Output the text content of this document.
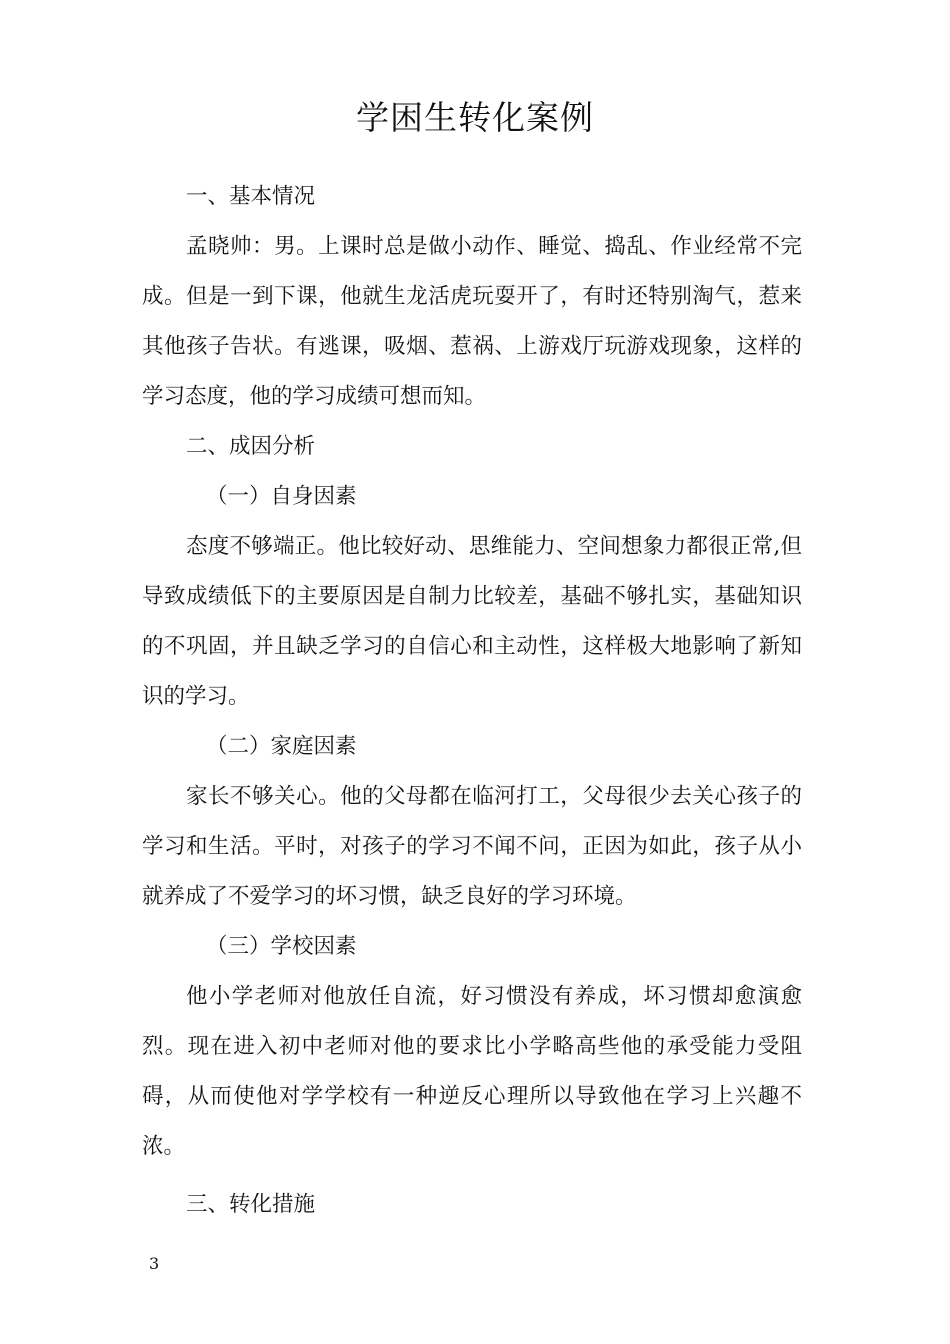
学困生转化案例

一、基本情况

孟晓帅：男。上课时总是做小动作、睡觉、捣乱、作业经常不完成。但是一到下课，他就生龙活虎玩耍开了，有时还特别淘气，惹来其他孩子告状。有逃课，吸烟、惹祸、上游戏厅玩游戏现象，这样的学习态度，他的学习成绩可想而知。

二、成因分析

（一）自身因素

态度不够端正。他比较好动、思维能力、空间想象力都很正常,但导致成绩低下的主要原因是自制力比较差，基础不够扎实，基础知识的不巩固，并且缺乏学习的自信心和主动性，这样极大地影响了新知识的学习。

（二）家庭因素

家长不够关心。他的父母都在临河打工，父母很少去关心孩子的学习和生活。平时，对孩子的学习不闻不问，正因为如此，孩子从小就养成了不爱学习的坏习惯，缺乏良好的学习环境。

（三）学校因素

他小学老师对他放任自流，好习惯没有养成，坏习惯却愈演愈烈。现在进入初中老师对他的要求比小学略高些他的承受能力受阻碍，从而使他对学学校有一种逆反心理所以导致他在学习上兴趣不浓。

三、转化措施

3
